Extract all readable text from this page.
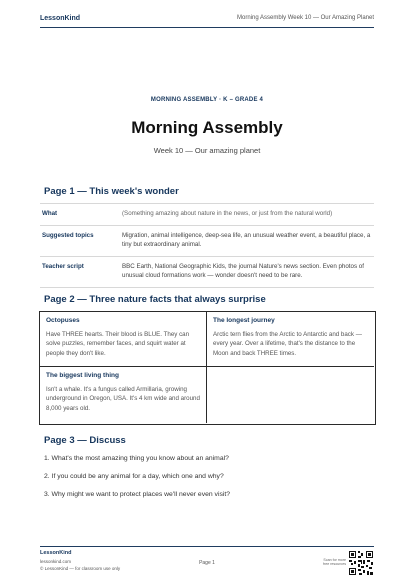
LessonKind	Morning Assembly Week 10 — Our Amazing Planet
MORNING ASSEMBLY · K – GRADE 4
Morning Assembly
Week 10 — Our amazing planet
Page 1 — This week's wonder
What	(Something amazing about nature in the news, or just from the natural world)
Suggested topics	Migration, animal intelligence, deep-sea life, an unusual weather event, a beautiful place, a tiny but extraordinary animal.
Teacher script	BBC Earth, National Geographic Kids, the journal Nature's news section. Even photos of unusual cloud formations work — wonder doesn't need to be rare.
Page 2 — Three nature facts that always surprise
Octopuses
Have THREE hearts. Their blood is BLUE. They can solve puzzles, remember faces, and squirt water at people they don't like.
The longest journey
Arctic tern flies from the Arctic to Antarctic and back — every year. Over a lifetime, that's the distance to the Moon and back THREE times.
The biggest living thing
Isn't a whale. It's a fungus called Armillaria, growing underground in Oregon, USA. It's 4 km wide and around 8,000 years old.
Page 3 — Discuss
1. What's the most amazing thing you know about an animal?
2. If you could be any animal for a day, which one and why?
3. Why might we want to protect places we'll never even visit?
LessonKind
lessonkind.com
© LessonKind — for classroom use only
Page 1	Scan for more free resources
